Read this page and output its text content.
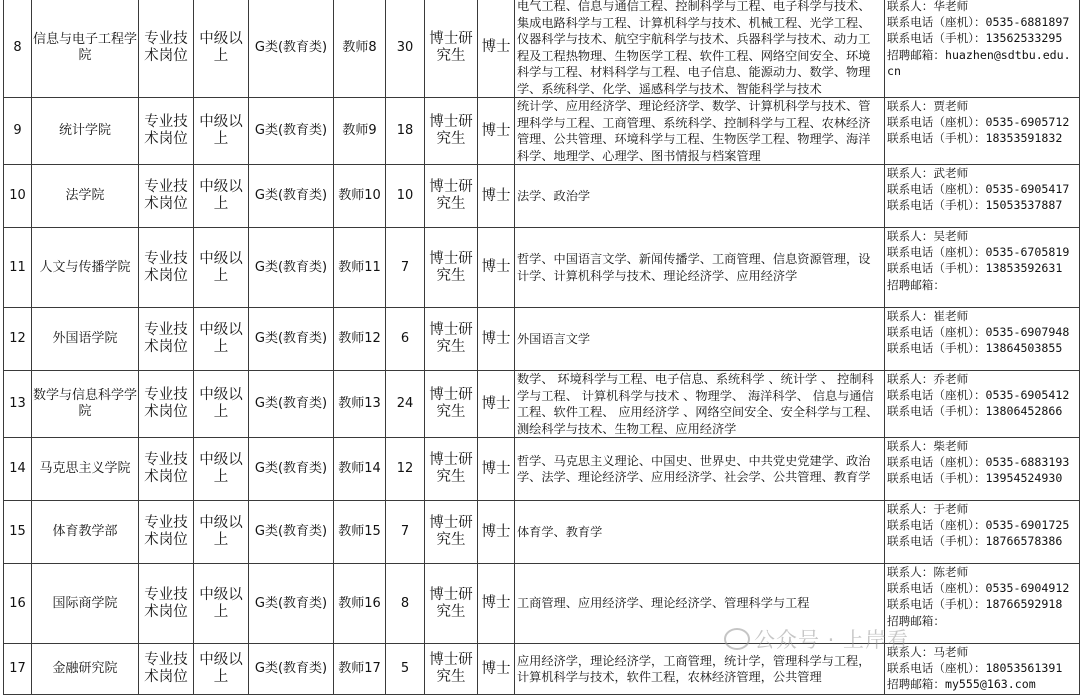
8	信息与电子工程学院	专业技术岗位	中级以上	G类(教育类)	教师8	30	博士研究生	博士	电气工程、信息与通信工程、控制科学与工程、电子科学与技术、集成电路科学与工程、计算机科学与技术、机械工程、光学工程、仪器科学与技术、航空宇航科学与技术、兵器科学与技术、动力工程及工程热物理、生物医学工程、软件工程、网络空间安全、环境科学与工程、材料科学与工程、电子信息、能源动力、数学、物理学、系统科学、化学、遥感科学与技术、智能科学与技术	联系人：华老师
联系电话（座机）：0535-6881897
联系电话（手机）：13562533295
招聘邮箱：huazhen@sdtbu.edu.cn
9	统计学院	专业技术岗位	中级以上	G类(教育类)	教师9	18	博士研究生	博士	统计学、应用经济学、理论经济学、数学、计算机科学与技术、管理科学与工程、工商管理、系统科学、控制科学与工程、农林经济管理、公共管理、环境科学与工程、生物医学工程、物理学、海洋科学、地理学、心理学、图书情报与档案管理	联系人：贾老师
联系电话（座机）：0535-6905712
联系电话（手机）：18353591832
10	法学院	专业技术岗位	中级以上	G类(教育类)	教师10	10	博士研究生	博士	法学、政治学	联系人：武老师
联系电话（座机）：0535-6905417
联系电话（手机）：15053537887
11	人文与传播学院	专业技术岗位	中级以上	G类(教育类)	教师11	7	博士研究生	博士	哲学、中国语言文学、新闻传播学、工商管理、信息资源管理，设计学、计算机科学与技术、理论经济学、应用经济学	联系人：吴老师
联系电话（座机）：0535-6705819
联系电话（手机）：13853592631
招聘邮箱：
12	外国语学院	专业技术岗位	中级以上	G类(教育类)	教师12	6	博士研究生	博士	外国语言文学	联系人：崔老师
联系电话（座机）：0535-6907948
联系电话（手机）：13864503855
13	数学与信息科学学院	专业技术岗位	中级以上	G类(教育类)	教师13	24	博士研究生	博士	数学、 环境科学与工程、电子信息、系统科学 、统计学 、 控制科学与工程、 计算机科学与技术 、物理学、 海洋科学、 信息与通信工程、软件工程、 应用经济学 、网络空间安全、安全科学与工程、测绘科学与技术、生物工程、应用经济学	联系人：乔老师
联系电话（座机）：0535-6905412
联系电话（手机）：13806452866
14	马克思主义学院	专业技术岗位	中级以上	G类(教育类)	教师14	12	博士研究生	博士	哲学、马克思主义理论、中国史、世界史、中共党史党建学、政治学、法学、理论经济学、应用经济学、社会学、公共管理、教育学	联系人：柴老师
联系电话（座机）：0535-6883193
联系电话（手机）：13954524930
15	体育教学部	专业技术岗位	中级以上	G类(教育类)	教师15	7	博士研究生	博士	体育学、教育学	联系人：于老师
联系电话（座机）：0535-6901725
联系电话（手机）：18766578386
16	国际商学院	专业技术岗位	中级以上	G类(教育类)	教师16	8	博士研究生	博士	工商管理、应用经济学、理论经济学、管理科学与工程	联系人：陈老师
联系电话（座机）：0535-6904912
联系电话（手机）：18766592918
招聘邮箱：
17	金融研究院	专业技术岗位	中级以上	G类(教育类)	教师17	5	博士研究生	博士	应用经济学，理论经济学，工商管理，统计学，管理科学与工程，计算机科学与技术，软件工程，农林经济管理，公共管理	联系人：马老师
联系电话（座机）：18053561391
招聘邮箱：my555@163.com
公众号 · 上岸看
